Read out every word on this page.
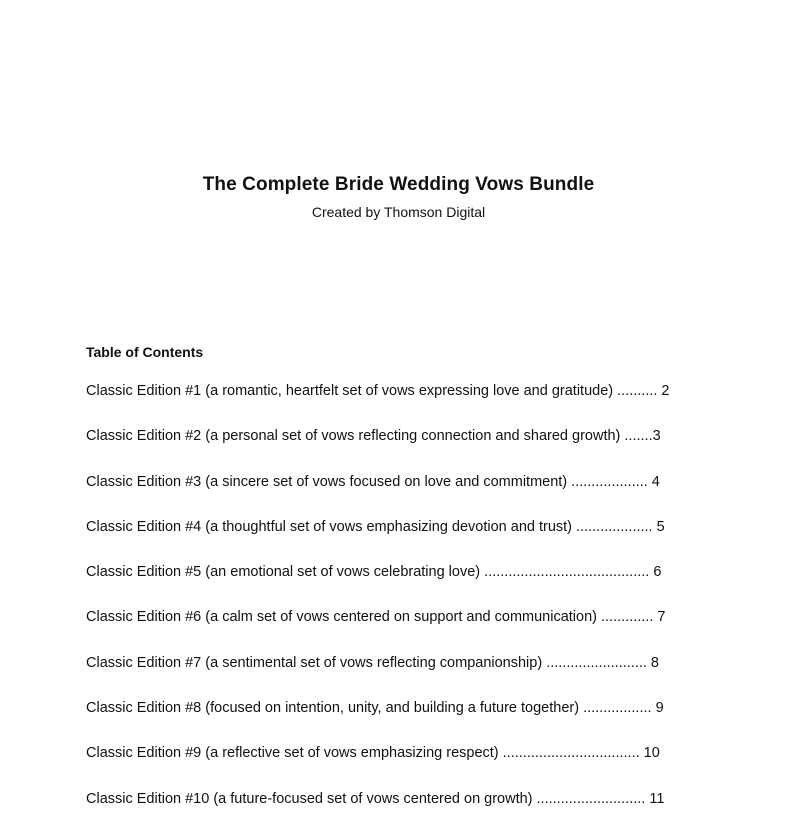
The Complete Bride Wedding Vows Bundle
Created by Thomson Digital
Table of Contents
Classic Edition #1 (a romantic, heartfelt set of vows expressing love and gratitude) .......... 2
Classic Edition #2 (a personal set of vows reflecting connection and shared growth) .......3
Classic Edition #3 (a sincere set of vows focused on love and commitment) ................... 4
Classic Edition #4 (a thoughtful set of vows emphasizing devotion and trust) ................... 5
Classic Edition #5 (an emotional set of vows celebrating love) ......................................... 6
Classic Edition #6 (a calm set of vows centered on support and communication) ............. 7
Classic Edition #7 (a sentimental set of vows reflecting companionship) ......................... 8
Classic Edition #8 (focused on intention, unity, and building a future together) ................. 9
Classic Edition #9 (a reflective set of vows emphasizing respect) .................................. 10
Classic Edition #10 (a future-focused set of vows centered on growth) ........................... 11
